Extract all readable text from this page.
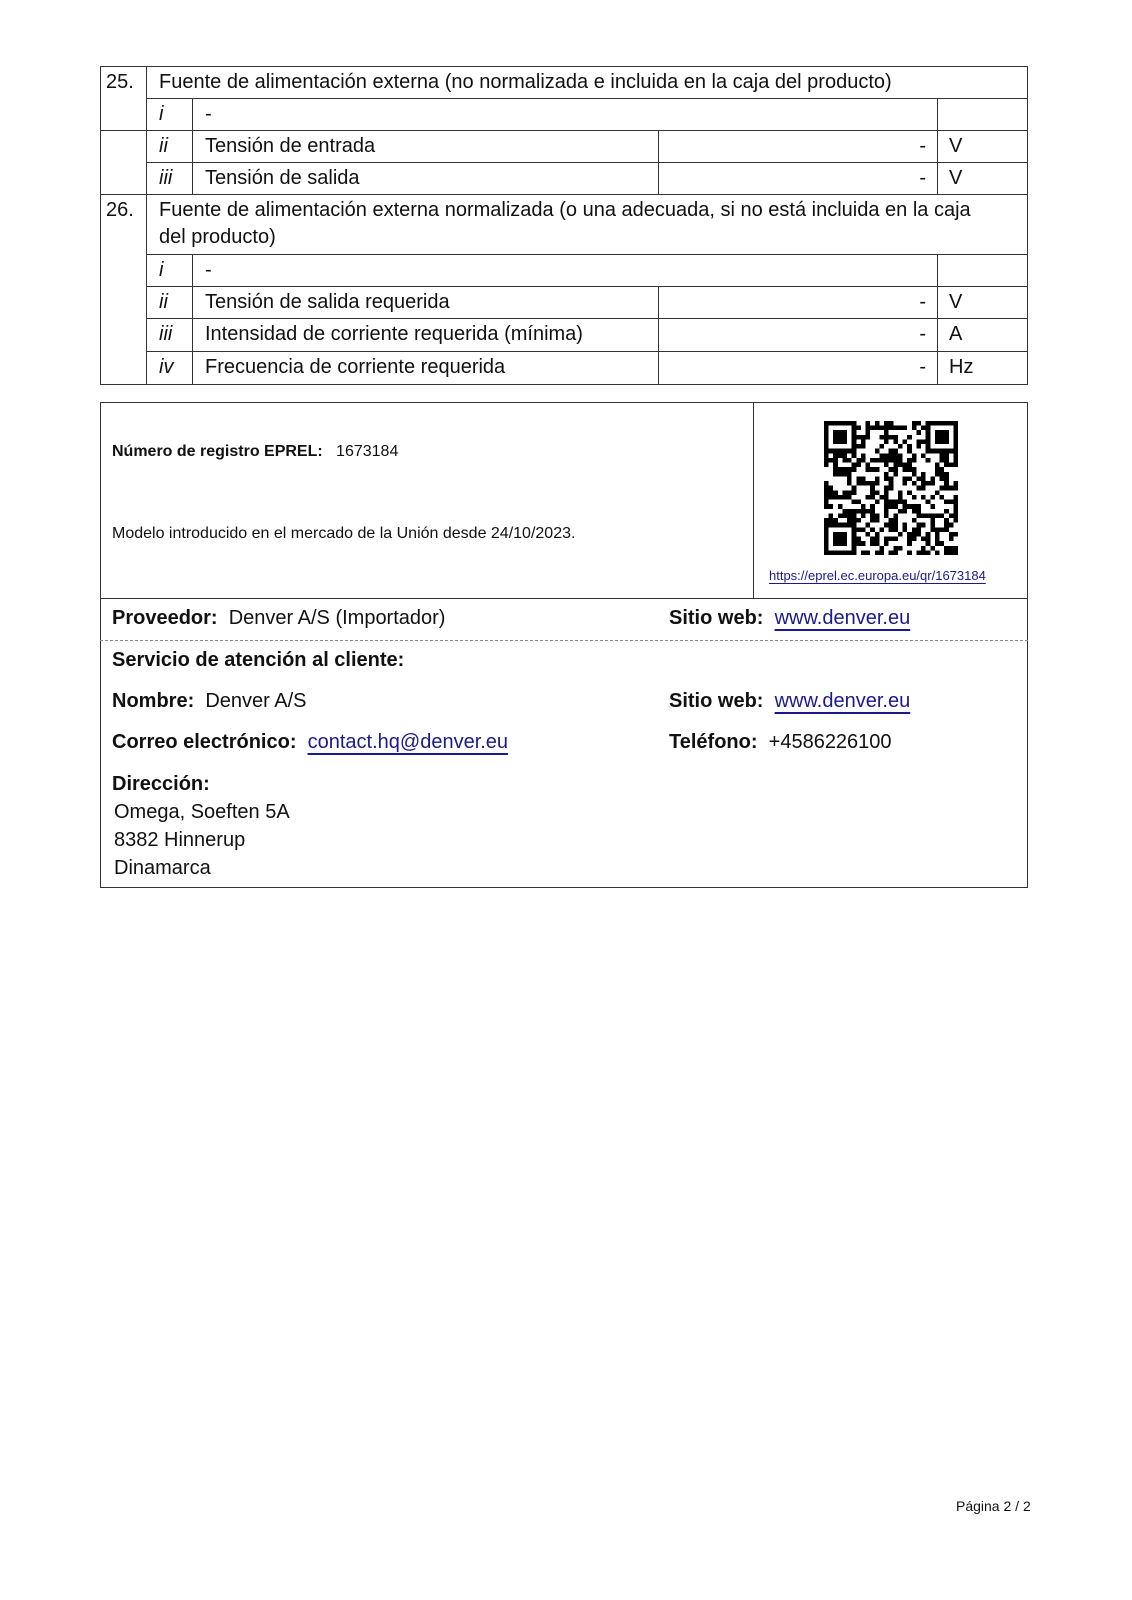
25. Fuente de alimentación externa (no normalizada e incluida en la caja del producto)
i -
ii Tensión de entrada	- V
iii Tensión de salida	- V
26. Fuente de alimentación externa normalizada (o una adecuada, si no está incluida en la caja
del producto)
i -
ii Tensión de salida requerida	- V
iii Intensidad de corriente requerida (mínima)	- A
iv Frecuencia de corriente requerida	- Hz
Número de registro EPREL: 1673184
Modelo introducido en el mercado de la Unión desde 24/10/2023.
https://eprel.ec.europa.eu/qr/1673184
Proveedor: Denver A/S (Importador)	Sitio web: www.denver.eu
Servicio de atención al cliente:
Nombre: Denver A/S	Sitio web: www.denver.eu
Correo electrónico: contact.hq@denver.eu	Teléfono: +4586226100
Dirección:
Omega, Soeften 5A
8382 Hinnerup
Dinamarca
Página 2 / 2
